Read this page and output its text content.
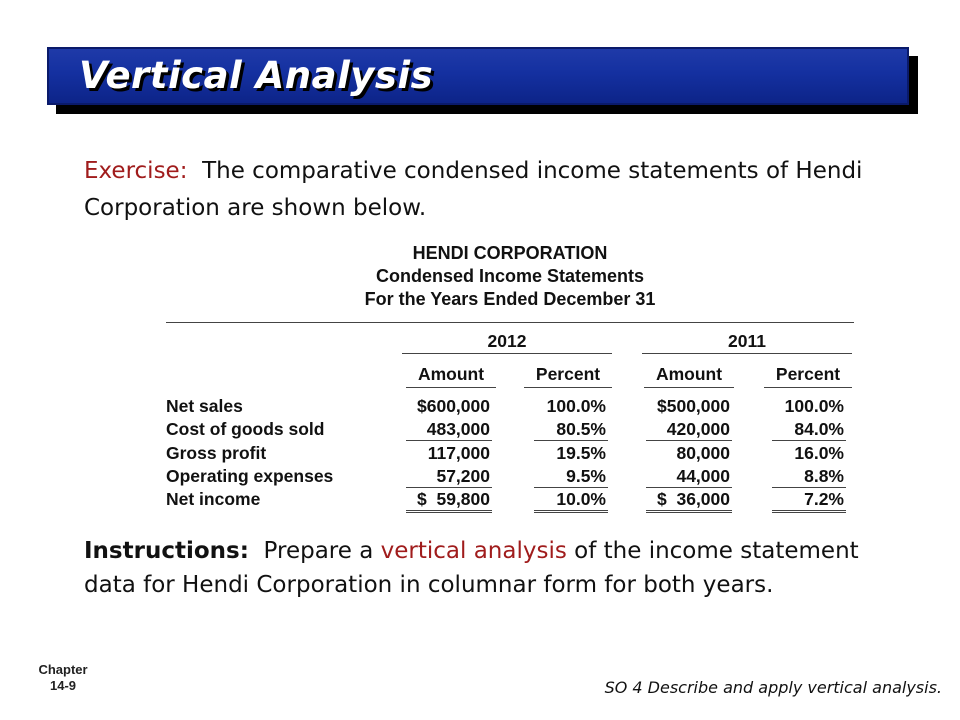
Vertical Analysis
Exercise: The comparative condensed income statements of Hendi Corporation are shown below.
HENDI CORPORATION
Condensed Income Statements
For the Years Ended December 31
2012	2011
Amount	Percent	Amount	Percent
Net sales	$600,000	100.0%	$500,000	100.0%
Cost of goods sold	483,000	80.5%	420,000	84.0%
Gross profit	117,000	19.5%	80,000	16.0%
Operating expenses	57,200	9.5%	44,000	8.8%
Net income	$  59,800	10.0%	$  36,000	7.2%
Instructions: Prepare a vertical analysis of the income statement data for Hendi Corporation in columnar form for both years.
Chapter
14-9	SO 4 Describe and apply vertical analysis.
